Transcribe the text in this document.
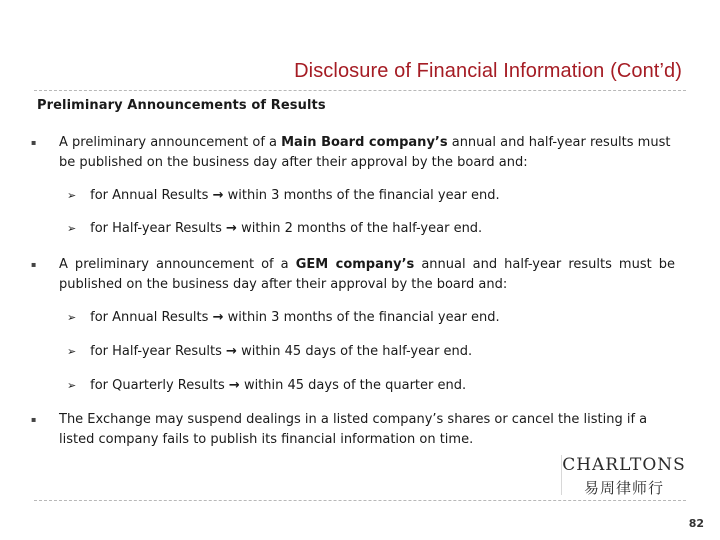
Disclosure of Financial Information (Cont’d)
Preliminary Announcements of Results
▪ A preliminary announcement of a Main Board company’s annual and half-year results must be published on the business day after their approval by the board and:
➢ for Annual Results → within 3 months of the financial year end.
➢ for Half-year Results → within 2 months of the half-year end.
▪ A preliminary announcement of a GEM company’s annual and half-year results must be published on the business day after their approval by the board and:
➢ for Annual Results → within 3 months of the financial year end.
➢ for Half-year Results → within 45 days of the half-year end.
➢ for Quarterly Results → within 45 days of the quarter end.
▪ The Exchange may suspend dealings in a listed company’s shares or cancel the listing if a listed company fails to publish its financial information on time.
CHARLTONS
易周律师行
82
